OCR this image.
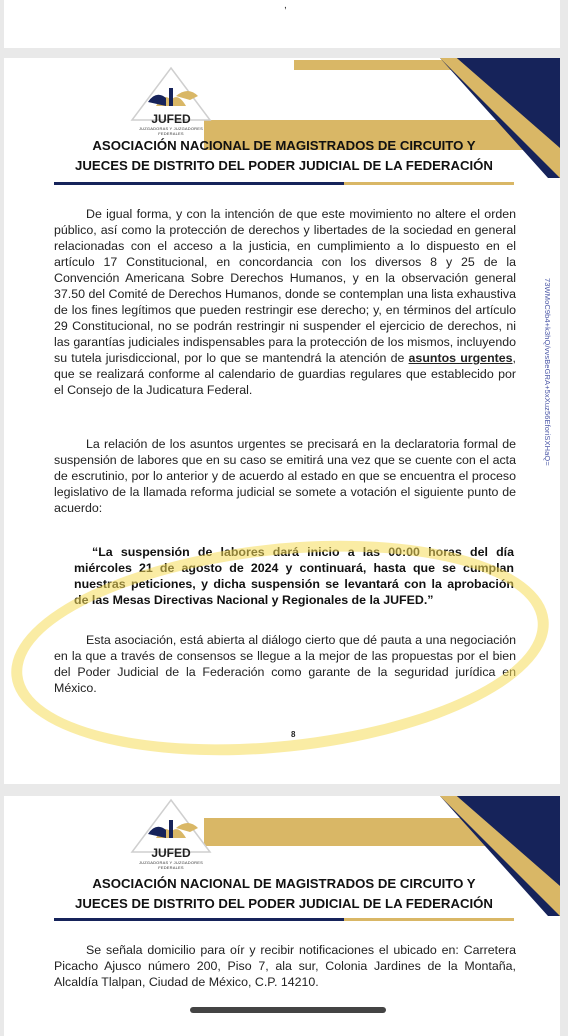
,
JUFED
JUZGADORAS Y JUZGADORES FEDERALES
ASOCIACIÓN NACIONAL DE MAGISTRADOS DE CIRCUITO Y
JUECES DE DISTRITO DEL PODER JUDICIAL DE LA FEDERACIÓN

De igual forma, y con la intención de que este movimiento no altere el orden público, así como la protección de derechos y libertades de la sociedad en general relacionadas con el acceso a la justicia, en cumplimiento a lo dispuesto en el artículo 17 Constitucional, en concordancia con los diversos 8 y 25 de la Convención Americana Sobre Derechos Humanos, y en la observación general 37.50 del Comité de Derechos Humanos, donde se contemplan una lista exhaustiva de los fines legítimos que pueden restringir ese derecho; y, en términos del artículo 29 Constitucional, no se podrán restringir ni suspender el ejercicio de derechos, ni las garantías judiciales indispensables para la protección de los mismos, incluyendo su tutela jurisdiccional, por lo que se mantendrá la atención de asuntos urgentes, que se realizará conforme al calendario de guardias regulares que establecido por el Consejo de la Judicatura Federal.

La relación de los asuntos urgentes se precisará en la declaratoria formal de suspensión de labores que en su caso se emitirá una vez que se cuente con el acta de escrutinio, por lo anterior y de acuerdo al estado en que se encuentra el proceso legislativo de la llamada reforma judicial se somete a votación el siguiente punto de acuerdo:

“La suspensión de labores dará inicio a las 00:00 horas del día miércoles 21 de agosto de 2024 y continuará, hasta que se cumplan nuestras peticiones, y dicha suspensión se levantará con la aprobación de las Mesas Directivas Nacional y Regionales de la JUFED.”

Esta asociación, está abierta al diálogo cierto que dé pauta a una negociación en la que a través de consensos se llegue a la mejor de las propuestas por el bien del Poder Judicial de la Federación como garante de la seguridad jurídica en México.

8
73WMoC9b4+k3hQ/vvsBeGRA+5xXuz56EforiSXHaQ=
JUFED
JUZGADORAS Y JUZGADORES FEDERALES
ASOCIACIÓN NACIONAL DE MAGISTRADOS DE CIRCUITO Y
JUECES DE DISTRITO DEL PODER JUDICIAL DE LA FEDERACIÓN

Se señala domicilio para oír y recibir notificaciones el ubicado en: Carretera Picacho Ajusco número 200, Piso 7, ala sur, Colonia Jardines de la Montaña, Alcaldía Tlalpan, Ciudad de México, C.P. 14210.
